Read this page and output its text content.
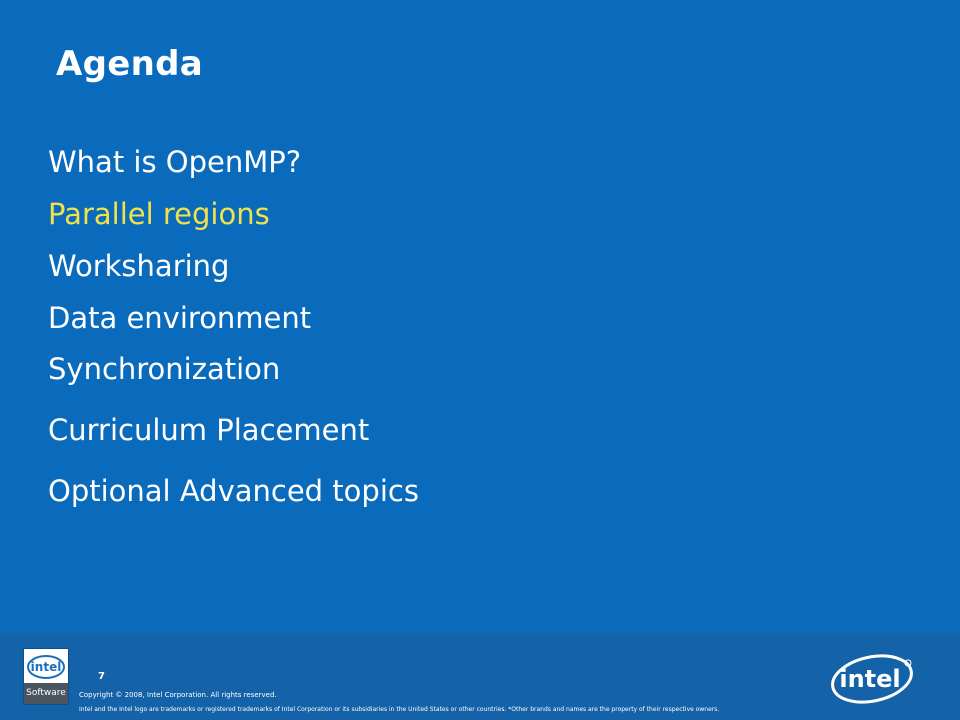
Agenda
What is OpenMP?
Parallel regions
Worksharing
Data environment
Synchronization
Curriculum Placement
Optional Advanced topics
intel
Software
7
Copyright © 2008, Intel Corporation. All rights reserved.
Intel and the Intel logo are trademarks or registered trademarks of Intel Corporation or its subsidiaries in the United States or other countries. *Other brands and names are the property of their respective owners.
intel
